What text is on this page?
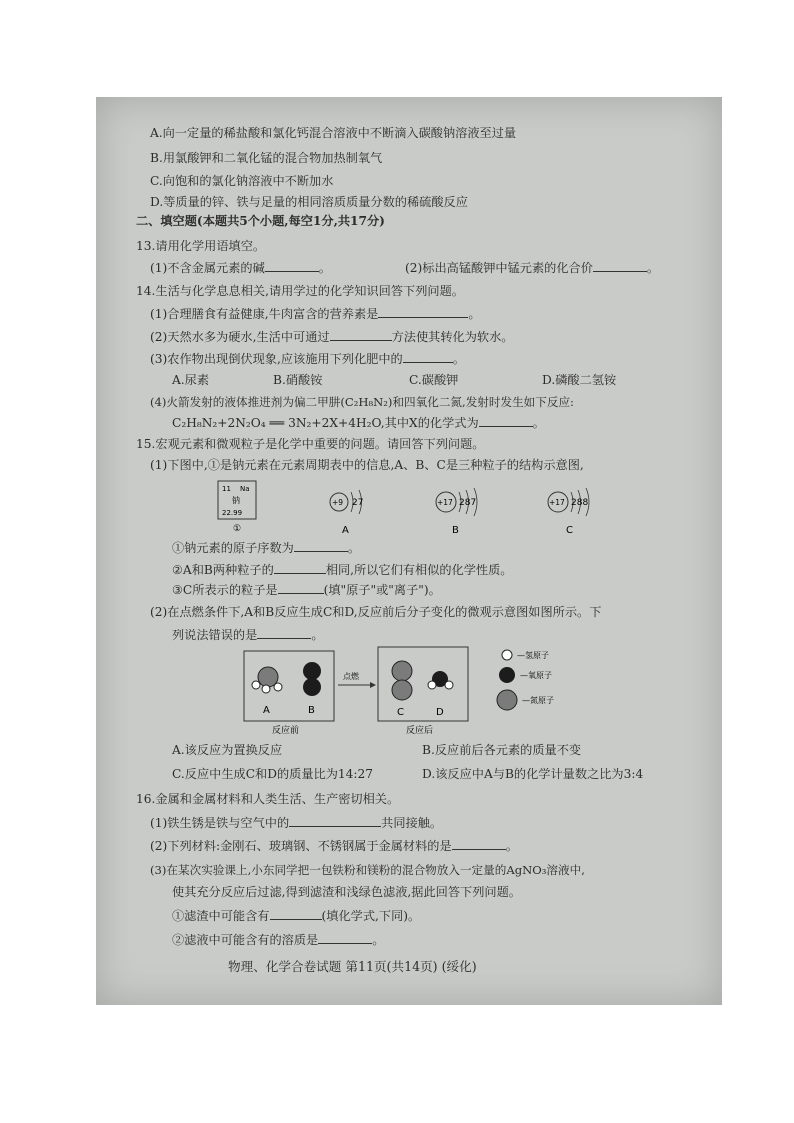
A.向一定量的稀盐酸和氯化钙混合溶液中不断滴入碳酸钠溶液至过量
B.用氯酸钾和二氧化锰的混合物加热制氧气
C.向饱和的氯化钠溶液中不断加水
D.等质量的锌、铁与足量的相同溶质质量分数的稀硫酸反应
二、填空题(本题共5个小题,每空1分,共17分)
13.请用化学用语填空。
(1)不含金属元素的碱	。	(2)标出高锰酸钾中锰元素的化合价	。
14.生活与化学息息相关,请用学过的化学知识回答下列问题。
(1)合理膳食有益健康,牛肉富含的营养素是	。
(2)天然水多为硬水,生活中可通过	方法使其转化为软水。
(3)农作物出现倒伏现象,应该施用下列化肥中的	。
A.尿素	B.硝酸铵	C.碳酸钾	D.磷酸二氢铵
(4)火箭发射的液体推进剂为偏二甲肼(C₂H₈N₂)和四氧化二氮,发射时发生如下反应:
C₂H₈N₂+2N₂O₄ ══ 3N₂+2X+4H₂O,其中X的化学式为	。
15.宏观元素和微观粒子是化学中重要的问题。请回答下列问题。
(1)下图中,①是钠元素在元素周期表中的信息,A、B、C是三种粒子的结构示意图,
11 Na
钠
22.99
①
+9 27
A
+17 287
B
+17 288
C
①钠元素的原子序数为	。
②A和B两种粒子的	相同,所以它们有相似的化学性质。
③C所表示的粒子是	(填"原子"或"离子")。
(2)在点燃条件下,A和B反应生成C和D,反应前后分子变化的微观示意图如图所示。下
列说法错误的是	。
A	B
反应前
点燃
C	D
反应后
—氢原子
—氧原子
—氮原子
A.该反应为置换反应	B.反应前后各元素的质量不变
C.反应中生成C和D的质量比为14:27	D.该反应中A与B的化学计量数之比为3:4
16.金属和金属材料和人类生活、生产密切相关。
(1)铁生锈是铁与空气中的	共同接触。
(2)下列材料:金刚石、玻璃钢、不锈钢属于金属材料的是	。
(3)在某次实验课上,小东同学把一包铁粉和镁粉的混合物放入一定量的AgNO₃溶液中,
使其充分反应后过滤,得到滤渣和浅绿色滤液,据此回答下列问题。
①滤渣中可能含有	(填化学式,下同)。
②滤液中可能含有的溶质是	。
物理、化学合卷试题 第11页(共14页) (绥化)
